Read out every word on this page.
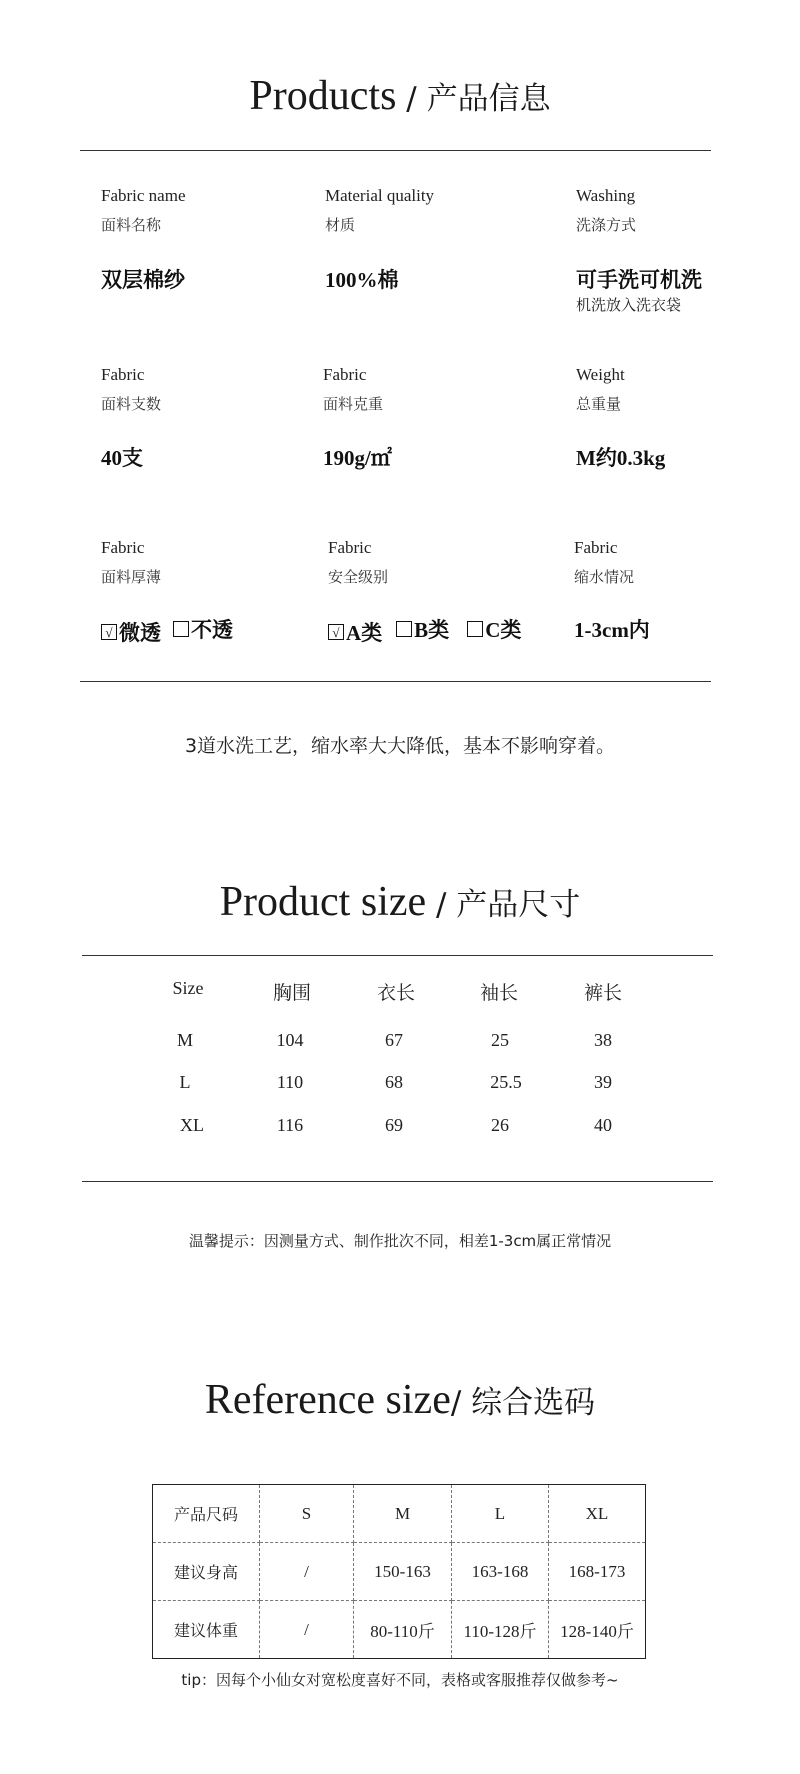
Products / 产品信息
Fabric name
面料名称
双层棉纱
Material quality
材质
100%棉
Washing
洗涤方式
可手洗可机洗
机洗放入洗衣袋
Fabric
面料支数
40支
Fabric
面料克重
190g/㎡
Weight
总重量
M约0.3kg
Fabric
面料厚薄
√ 微透 不透
Fabric
安全级别
√ A类 B类 C类
Fabric
缩水情况
1-3cm内
3道水洗工艺，缩水率大大降低，基本不影响穿着。
Product size / 产品尺寸
Size	胸围	衣长	袖长	裤长
M	104	67	25	38
L	110	68	25.5	39
XL	116	69	26	40
温馨提示：因测量方式、制作批次不同，相差1-3cm属正常情况
Reference size/ 综合选码
产品尺码	S	M	L	XL
建议身高	/	150-163	163-168	168-173
建议体重	/	80-110斤	110-128斤	128-140斤
tip：因每个小仙女对宽松度喜好不同，表格或客服推荐仅做参考~
